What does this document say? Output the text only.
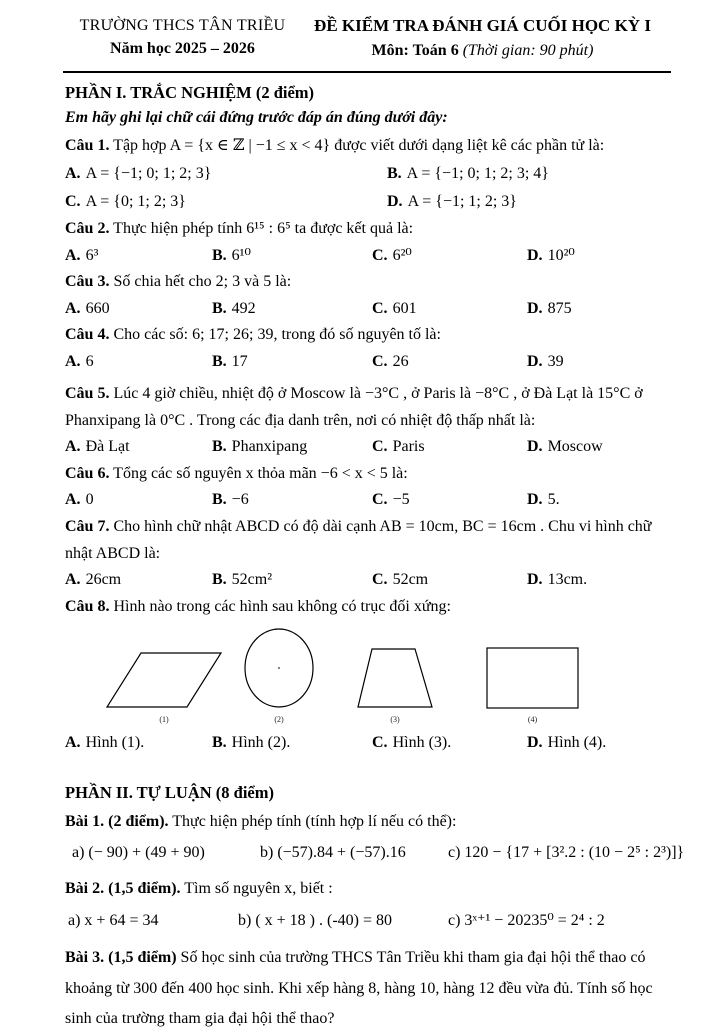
TRƯỜNG THCS TÂN TRIỀU
Năm học 2025 – 2026
ĐỀ KIỂM TRA ĐÁNH GIÁ CUỐI HỌC KỲ I
Môn: Toán 6 (Thời gian: 90 phút)
PHẦN I. TRẮC NGHIỆM (2 điểm)

Em hãy ghi lại chữ cái đứng trước đáp án đúng dưới đây:

Câu 1. Tập hợp A = {x ∈ ℤ | −1 ≤ x < 4} được viết dưới dạng liệt kê các phần tử là:

A. A = {−1; 0; 1; 2; 3}	B. A = {−1; 0; 1; 2; 3; 4}
C. A = {0; 1; 2; 3}	D. A = {−1; 1; 2; 3}

Câu 2. Thực hiện phép tính 6¹⁵ : 6⁵ ta được kết quả là:

A. 6³	B. 6¹⁰	C. 6²⁰	D. 10²⁰

Câu 3. Số chia hết cho 2; 3 và 5 là:

A. 660	B. 492	C. 601	D. 875

Câu 4. Cho các số: 6; 17; 26; 39, trong đó số nguyên tố là:

A. 6	B. 17	C. 26	D. 39

Câu 5. Lúc 4 giờ chiều, nhiệt độ ở Moscow là −3°C , ở Paris là −8°C , ở Đà Lạt là 15°C ở Phanxipang là 0°C . Trong các địa danh trên, nơi có nhiệt độ thấp nhất là:

A. Đà Lạt	B. Phanxipang	C. Paris	D. Moscow

Câu 6. Tổng các số nguyên x thỏa mãn −6 < x < 5 là:

A. 0	B. −6	C. −5	D. 5.

Câu 7. Cho hình chữ nhật ABCD có độ dài cạnh AB = 10cm, BC = 16cm . Chu vi hình chữ nhật ABCD là:

A. 26cm	B. 52cm²	C. 52cm	D. 13cm.

Câu 8. Hình nào trong các hình sau không có trục đối xứng:

(1)	(2)	(3)	(4)
A. Hình (1).	B. Hình (2).	C. Hình (3).	D. Hình (4).
PHẦN II. TỰ LUẬN (8 điểm)

Bài 1. (2 điểm). Thực hiện phép tính (tính hợp lí nếu có thể):

a) (− 90) + (49 + 90)	b) (−57).84 + (−57).16	c) 120 − {17 + [3².2 : (10 − 2⁵ : 2³)]}

Bài 2. (1,5 điểm). Tìm số nguyên x, biết :

a) x + 64 = 34	b) ( x + 18 ) . (-40) = 80	c) 3ˣ⁺¹ − 20235⁰ = 2⁴ : 2

Bài 3. (1,5 điểm) Số học sinh của trường THCS Tân Triều khi tham gia đại hội thể thao có khoảng từ 300 đến 400 học sinh. Khi xếp hàng 8, hàng 10, hàng 12 đều vừa đủ. Tính số học sinh của trường tham gia đại hội thể thao?
